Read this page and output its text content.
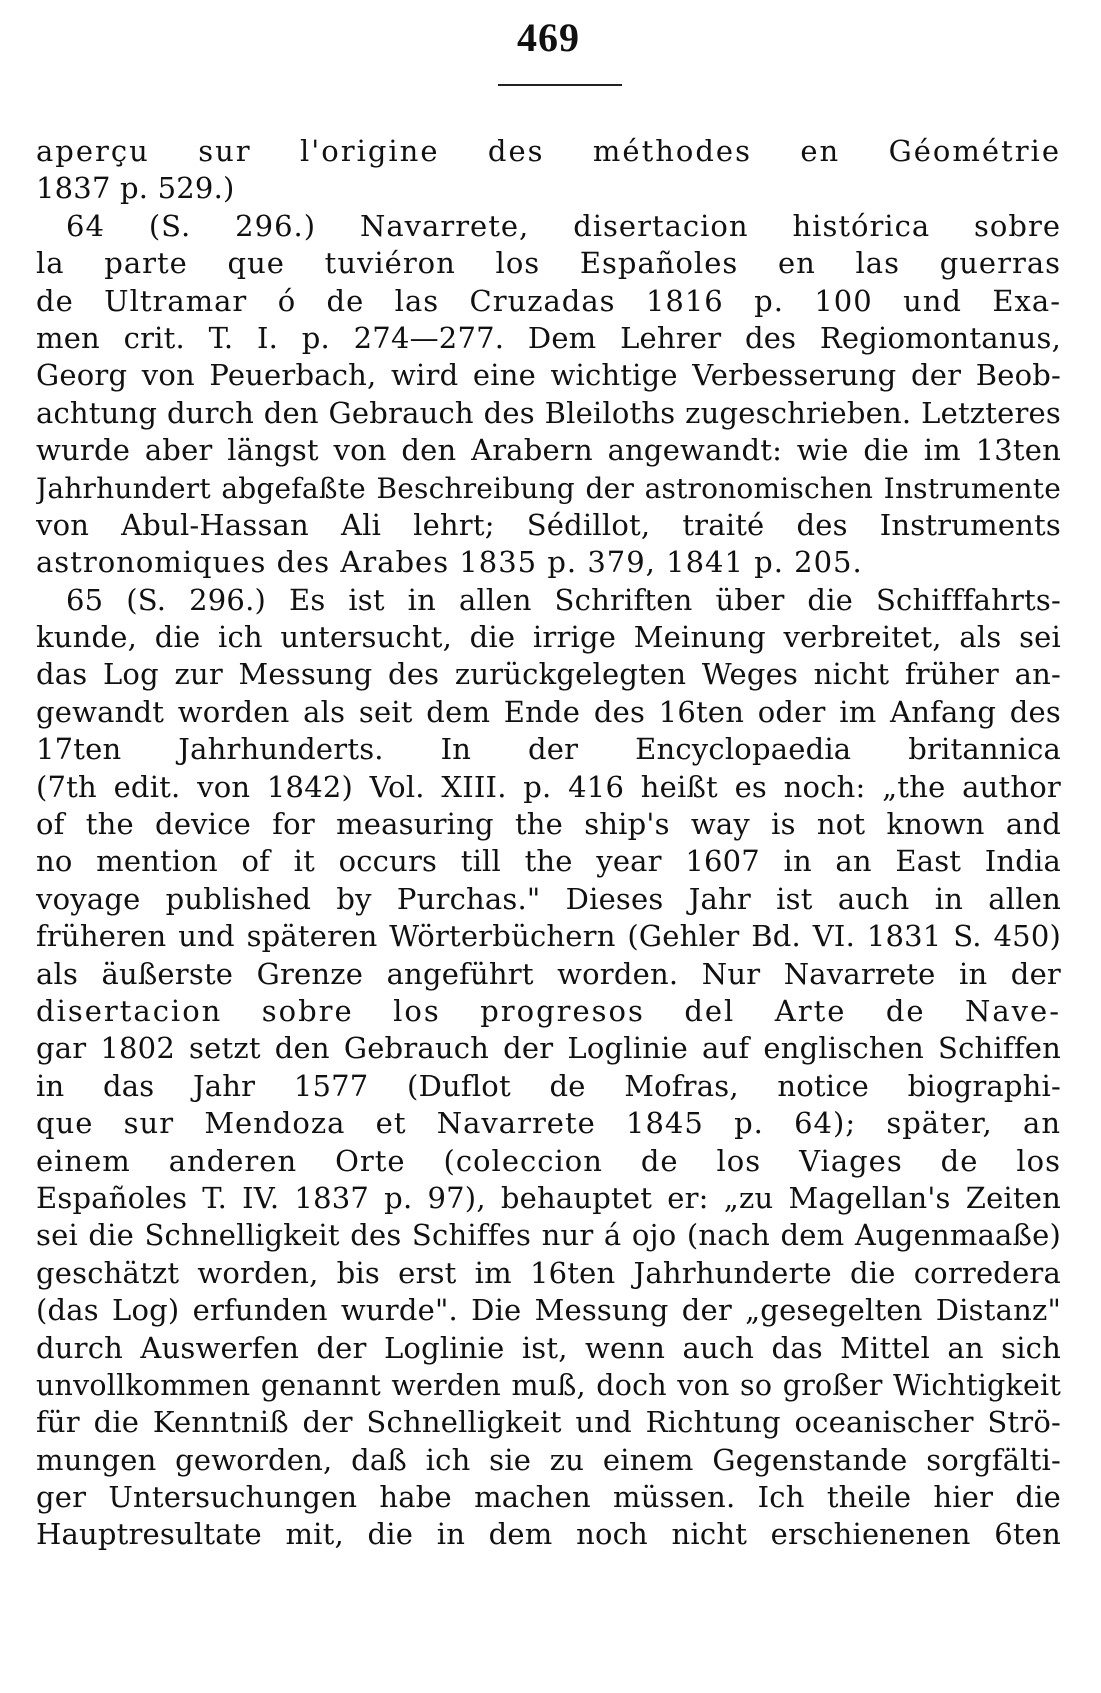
469
aperçu sur l'origine des méthodes en Géométrie
1837 p. 529.)
64 (S. 296.) Navarrete, disertacion histórica sobre
la parte que tuviéron los Españoles en las guerras
de Ultramar ó de las Cruzadas 1816 p. 100 und Exa-
men crit. T. I. p. 274—277. Dem Lehrer des Regiomontanus,
Georg von Peuerbach, wird eine wichtige Verbesserung der Beob-
achtung durch den Gebrauch des Bleiloths zugeschrieben. Letzteres
wurde aber längst von den Arabern angewandt: wie die im 13ten
Jahrhundert abgefaßte Beschreibung der astronomischen Instrumente
von Abul-Hassan Ali lehrt; Sédillot, traité des Instruments
astronomiques des Arabes 1835 p. 379, 1841 p. 205.
65 (S. 296.) Es ist in allen Schriften über die Schifffahrts-
kunde, die ich untersucht, die irrige Meinung verbreitet, als sei
das Log zur Messung des zurückgelegten Weges nicht früher an-
gewandt worden als seit dem Ende des 16ten oder im Anfang des
17ten Jahrhunderts. In der Encyclopaedia britannica
(7th edit. von 1842) Vol. XIII. p. 416 heißt es noch: „the author
of the device for measuring the ship's way is not known and
no mention of it occurs till the year 1607 in an East India
voyage published by Purchas." Dieses Jahr ist auch in allen
früheren und späteren Wörterbüchern (Gehler Bd. VI. 1831 S. 450)
als äußerste Grenze angeführt worden. Nur Navarrete in der
disertacion sobre los progresos del Arte de Nave-
gar 1802 setzt den Gebrauch der Loglinie auf englischen Schiffen
in das Jahr 1577 (Duflot de Mofras, notice biographi-
que sur Mendoza et Navarrete 1845 p. 64); später, an
einem anderen Orte (coleccion de los Viages de los
Españoles T. IV. 1837 p. 97), behauptet er: „zu Magellan's Zeiten
sei die Schnelligkeit des Schiffes nur á ojo (nach dem Augenmaaße)
geschätzt worden, bis erst im 16ten Jahrhunderte die corredera
(das Log) erfunden wurde". Die Messung der „gesegelten Distanz"
durch Auswerfen der Loglinie ist, wenn auch das Mittel an sich
unvollkommen genannt werden muß, doch von so großer Wichtigkeit
für die Kenntniß der Schnelligkeit und Richtung oceanischer Strö-
mungen geworden, daß ich sie zu einem Gegenstande sorgfälti-
ger Untersuchungen habe machen müssen. Ich theile hier die
Hauptresultate mit, die in dem noch nicht erschienenen 6ten
